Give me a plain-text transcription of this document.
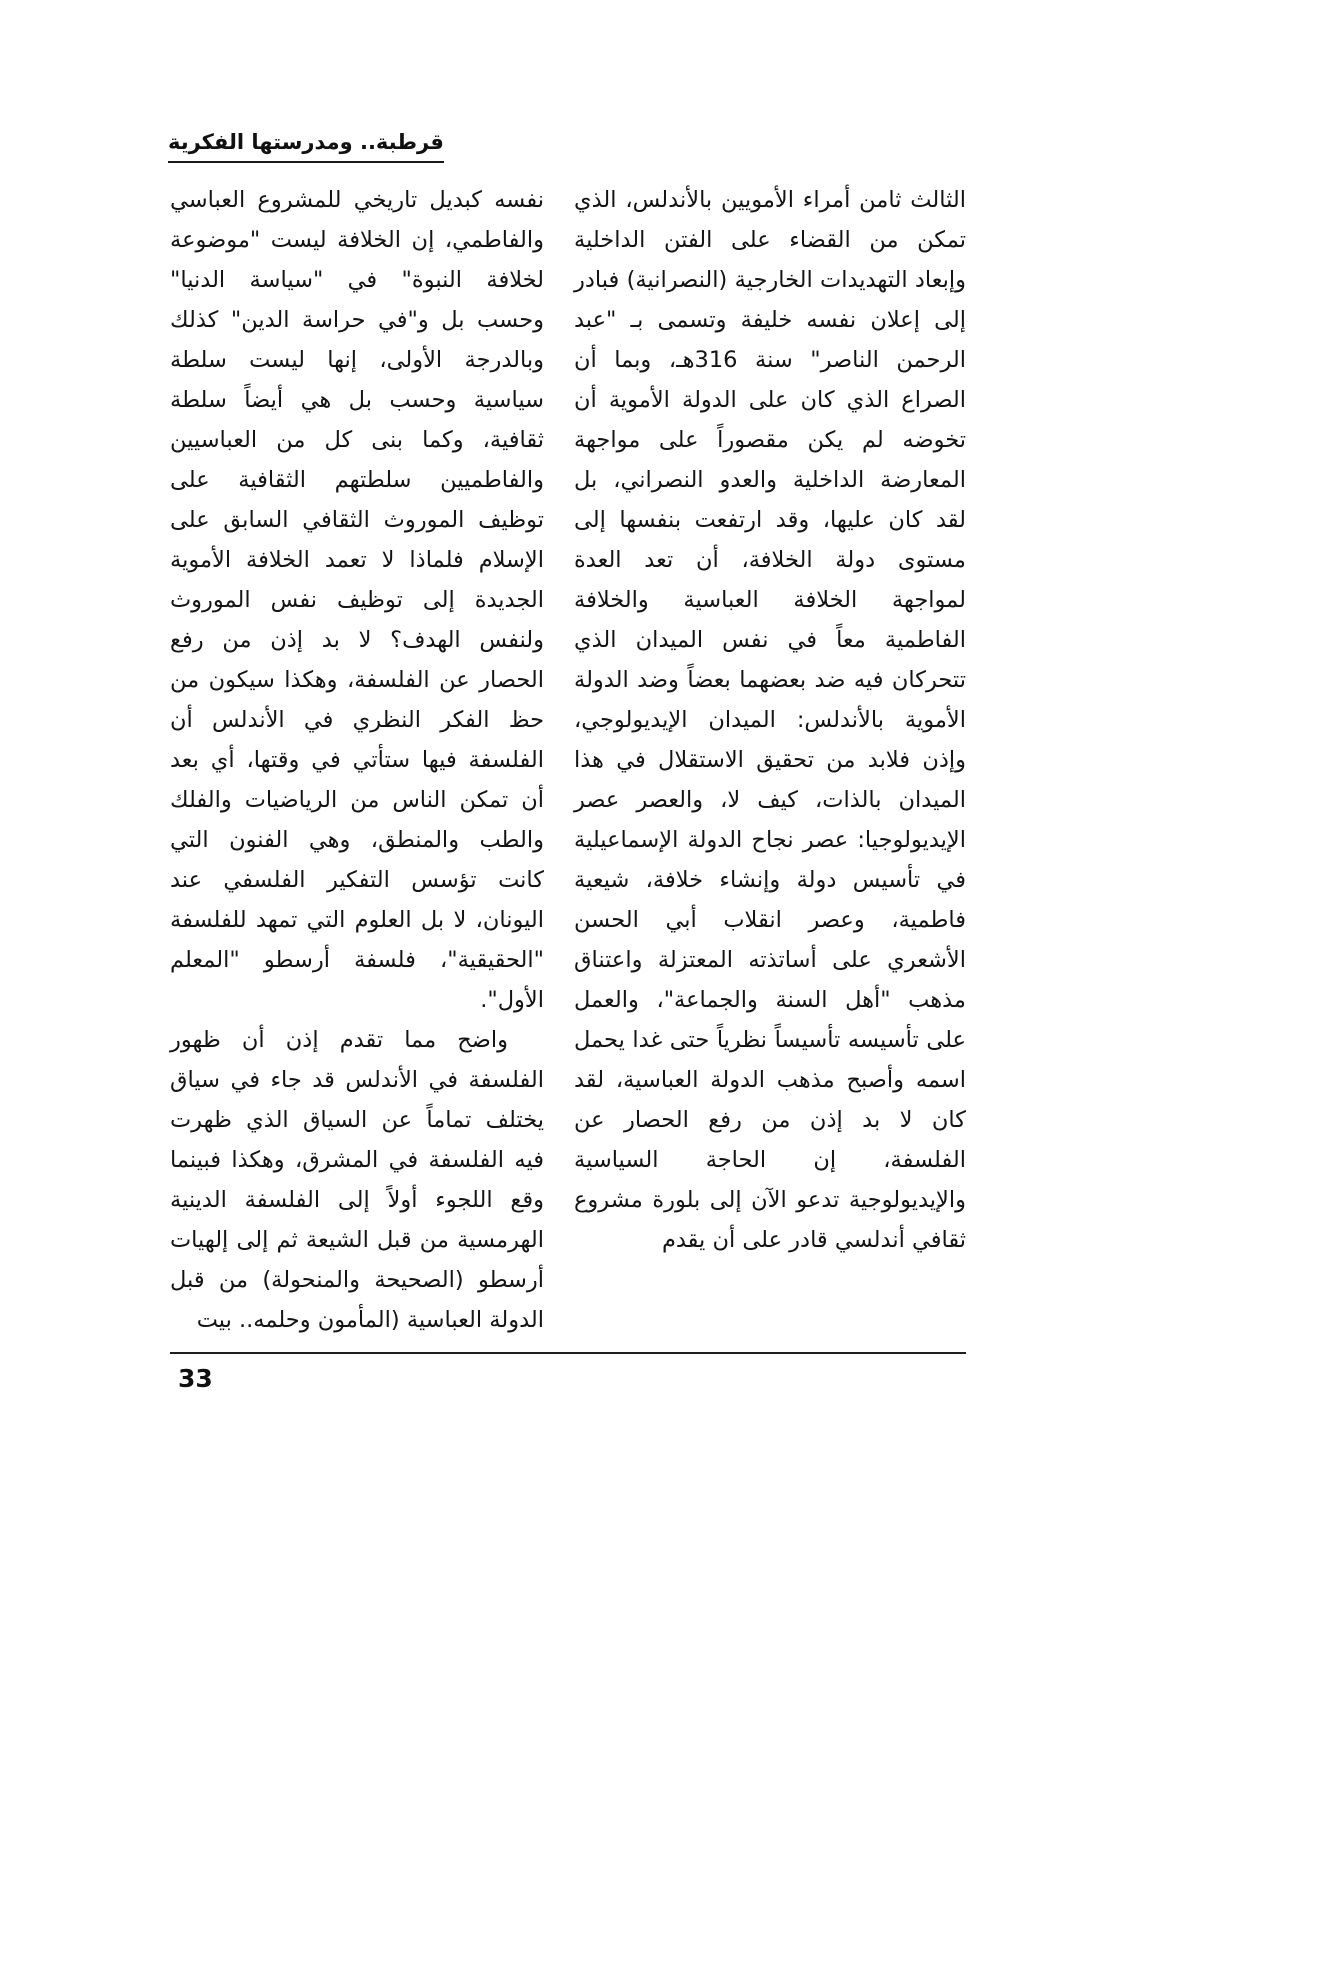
قرطبة.. ومدرستها الفكرية

الثالث ثامن أمراء الأمويين بالأندلس، الذي تمكن من القضاء على الفتن الداخلية وإبعاد التهديدات الخارجية (النصرانية) فبادر إلى إعلان نفسه خليفة وتسمى بـ "عبد الرحمن الناصر" سنة 316هـ، وبما أن الصراع الذي كان على الدولة الأموية أن تخوضه لم يكن مقصوراً على مواجهة المعارضة الداخلية والعدو النصراني، بل لقد كان عليها، وقد ارتفعت بنفسها إلى مستوى دولة الخلافة، أن تعد العدة لمواجهة الخلافة العباسية والخلافة الفاطمية معاً في نفس الميدان الذي تتحركان فيه ضد بعضهما بعضاً وضد الدولة الأموية بالأندلس: الميدان الإيديولوجي، وإذن فلابد من تحقيق الاستقلال في هذا الميدان بالذات، كيف لا، والعصر عصر الإيديولوجيا: عصر نجاح الدولة الإسماعيلية في تأسيس دولة وإنشاء خلافة، شيعية فاطمية، وعصر انقلاب أبي الحسن الأشعري على أساتذته المعتزلة واعتناق مذهب "أهل السنة والجماعة"، والعمل على تأسيسه تأسيساً نظرياً حتى غدا يحمل اسمه وأصبح مذهب الدولة العباسية، لقد كان لا بد إذن من رفع الحصار عن الفلسفة، إن الحاجة السياسية والإيديولوجية تدعو الآن إلى بلورة مشروع ثقافي أندلسي قادر على أن يقدم

نفسه كبديل تاريخي للمشروع العباسي والفاطمي، إن الخلافة ليست "موضوعة لخلافة النبوة" في "سياسة الدنيا" وحسب بل و"في حراسة الدين" كذلك وبالدرجة الأولى، إنها ليست سلطة سياسية وحسب بل هي أيضاً سلطة ثقافية، وكما بنى كل من العباسيين والفاطميين سلطتهم الثقافية على توظيف الموروث الثقافي السابق على الإسلام فلماذا لا تعمد الخلافة الأموية الجديدة إلى توظيف نفس الموروث ولنفس الهدف؟ لا بد إذن من رفع الحصار عن الفلسفة، وهكذا سيكون من حظ الفكر النظري في الأندلس أن الفلسفة فيها ستأتي في وقتها، أي بعد أن تمكن الناس من الرياضيات والفلك والطب والمنطق، وهي الفنون التي كانت تؤسس التفكير الفلسفي عند اليونان، لا بل العلوم التي تمهد للفلسفة "الحقيقية"، فلسفة أرسطو "المعلم الأول".

واضح مما تقدم إذن أن ظهور الفلسفة في الأندلس قد جاء في سياق يختلف تماماً عن السياق الذي ظهرت فيه الفلسفة في المشرق، وهكذا فبينما وقع اللجوء أولاً إلى الفلسفة الدينية الهرمسية من قبل الشيعة ثم إلى إلهيات أرسطو (الصحيحة والمنحولة) من قبل الدولة العباسية (المأمون وحلمه.. بيت

33
